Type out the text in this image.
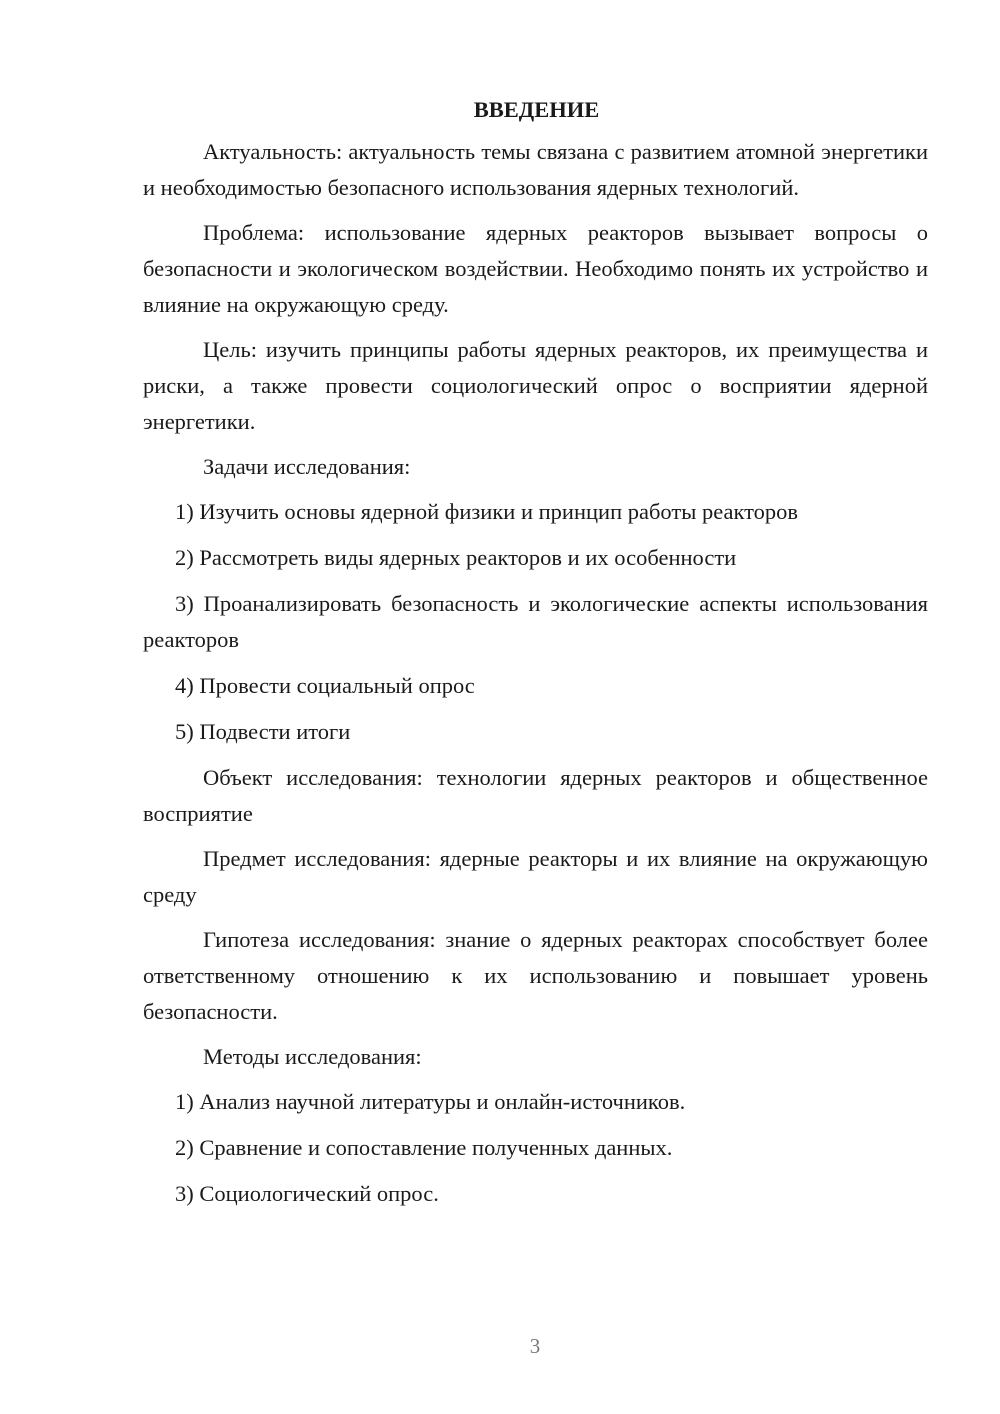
ВВЕДЕНИЕ

Актуальность: актуальность темы связана с развитием атомной энергетики и необходимостью безопасного использования ядерных технологий.

Проблема: использование ядерных реакторов вызывает вопросы о безопасности и экологическом воздействии. Необходимо понять их устройство и влияние на окружающую среду.

Цель: изучить принципы работы ядерных реакторов, их преимущества и риски, а также провести социологический опрос о восприятии ядерной энергетики.

Задачи исследования:

1) Изучить основы ядерной физики и принцип работы реакторов

2) Рассмотреть виды ядерных реакторов и их особенности

3) Проанализировать безопасность и экологические аспекты использования реакторов

4) Провести социальный опрос

5) Подвести итоги

Объект исследования: технологии ядерных реакторов и общественное восприятие

Предмет исследования: ядерные реакторы и их влияние на окружающую среду

Гипотеза исследования: знание о ядерных реакторах способствует более ответственному отношению к их использованию и повышает уровень безопасности.

Методы исследования:

1) Анализ научной литературы и онлайн-источников.

2) Сравнение и сопоставление полученных данных.

3) Социологический опрос.

3
